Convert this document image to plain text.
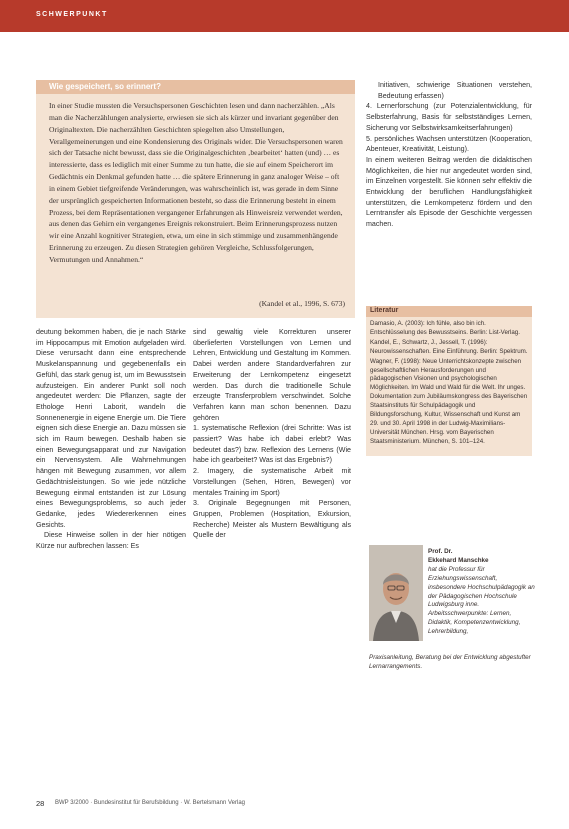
SCHWERPUNKT
Wie gespeichert, so erinnert?

In einer Studie mussten die Versuchspersonen Geschichten lesen und dann nacherzählen. „Als man die Nacherzählungen analysierte, erwiesen sie sich als kürzer und invariant gegenüber den Originaltexten. Die nacherzählten Geschichten spiegelten also Umstellungen, Verallgemeinerungen und eine Kondensierung des Originals wider. Die Versuchspersonen waren sich der Tatsache nicht bewusst, dass sie die Originalgeschichten ‚bearbeitet‘ hatten (und) … es interessierte, dass es lediglich mit einer Summe zu tun hatte, die sie auf einem Speicherort im Gedächtnis ein Denkmal gefunden hatte … die spätere Erinnerung in ganz analoger Weise – oft in einem Gebiet tiefgreifende Veränderungen, was wahrscheinlich ist, was gerade in dem Sinne der ursprünglich gespeicherten Informationen besteht, so dass die Erinnerung besteht in einem Prozess, bei dem Repräsentationen vergangener Erfahrungen als Hinweisreiz verwendet werden, aus denen das Gehirn ein vergangenes Ereignis rekonstruiert. Beim Erinnerungsprozess nutzen wir eine Anzahl kognitiver Strategien, etwa, um eine in sich stimmige und zusammenhängende Erinnerung zu erzeugen. Zu diesen Strategien gehören Vergleiche, Schlussfolgerungen, Vermutungen und Annahmen.“

(Kandel et al., 1996, S. 673)

deutung bekommen haben, die je nach Stärke im Hippocampus mit Emotion aufgeladen wird. Diese verursacht dann eine entsprechende Muskelanspannung und gegebenenfalls ein Gefühl, das stark genug ist, um im Bewusstsein aufzusteigen. Ein anderer Punkt soll noch angedeutet werden: Die Pflanzen, sagte der Ethologe Henri Laborit, wandeln die Sonnenenergie in eigene Energie um. Die Tiere eignen sich diese Energie an. Dazu müssen sie sich im Raum bewegen. Deshalb haben sie einen Bewegungsapparat und zur Navigation ein Nervensystem. Alle Wahrnehmungen hängen mit Bewegung zusammen, vor allem Gedächtnisleistungen. So wie jede nützliche Bewegung einmal entstanden ist zur Lösung eines Bewegungsproblems, so auch jeder Gedanke, jedes Wiedererkennen eines Gesichts.

Diese Hinweise sollen in der hier nötigen Kürze nur aufbrechen lassen: Es

sind gewaltig viele Korrekturen unserer überlieferten Vorstellungen von Lernen und Lehren, Entwicklung und Gestaltung im Kommen. Dabei werden andere Standardverfahren zur Erweiterung der Lernkompetenz eingesetzt werden. Das durch die traditionelle Schule erzeugte Transferproblem verschwindet. Solche Verfahren kann man schon benennen. Dazu gehören

1. systematische Reflexion (drei Schritte: Was ist passiert? Was habe ich dabei erlebt? Was bedeutet das?) bzw. Reflexion des Lernens (Wie habe ich gearbeitet? Was ist das Ergebnis?)
2. Imagery, die systematische Arbeit mit Vorstellungen (Sehen, Hören, Bewegen) vor mentales Training im Sport)
3. Originale Begegnungen mit Personen, Gruppen, Problemen (Hospitation, Exkursion, Recherche) Meister als Mustern Bewältigung als Quelle der

Initiativen, schwierige Situationen verstehen, Bedeutung erfassen)

4. Lernerforschung (zur Potenzialentwicklung, für Selbsterfahrung, Basis für selbstständiges Lernen, Sicherung vor Selbstwirksamkeitserfahrungen)
5. persönliches Wachsen unterstützen (Kooperation, Abenteuer, Kreativität, Leistung).

In einem weiteren Beitrag werden die didaktischen Möglichkeiten, die hier nur angedeutet worden sind, im Einzelnen vorgestellt. Sie können sehr effektiv die Entwicklung der beruflichen Handlungsfähigkeit unterstützen, die Lernkompetenz fördern und den Lerntransfer als Episode der Geschichte vergessen machen.

Literatur

Damasio, A. (2003): Ich fühle, also bin ich. Entschlüsselung des Bewusstseins. Berlin: List-Verlag.

Kandel, E., Schwartz, J., Jessell, T. (1996): Neurowissenschaften. Eine Einführung. Berlin: Spektrum.

Wagner, F. (1998): Neue Unterrichtskonzepte zwischen gesellschaftlichen Herausforderungen und pädagogischen Visionen und psychologischen Möglichkeiten. Im Wald und Wald für die Welt. Ihr unges. Dokumentation zum Jubiläumskongress des Bayerischen Staatsinstituts für Schulpädagogik und Bildungsforschung, Kultur, Wissenschaft und Kunst am 29. und 30. April 1998 in der Ludwig-Maximilians-Universität München. Hrsg. vom Bayerischen Staatsministerium. München, S. 101–124.

Prof. Dr.
Ekkehard Manschke
hat die Professur für Erziehungswissenschaft, insbesondere Hochschulpädagogik an der Pädagogischen Hochschule Ludwigsburg inne. Arbeitsschwerpunkte: Lernen, Didaktik, Kompetenzentwicklung, Lehrerbildung,

Praxisanleitung, Beratung bei der Entwicklung abgestufter Lernarrangements.

28 BWP 3/2000 · Bundesinstitut für Berufsbildung · W. Bertelsmann Verlag
